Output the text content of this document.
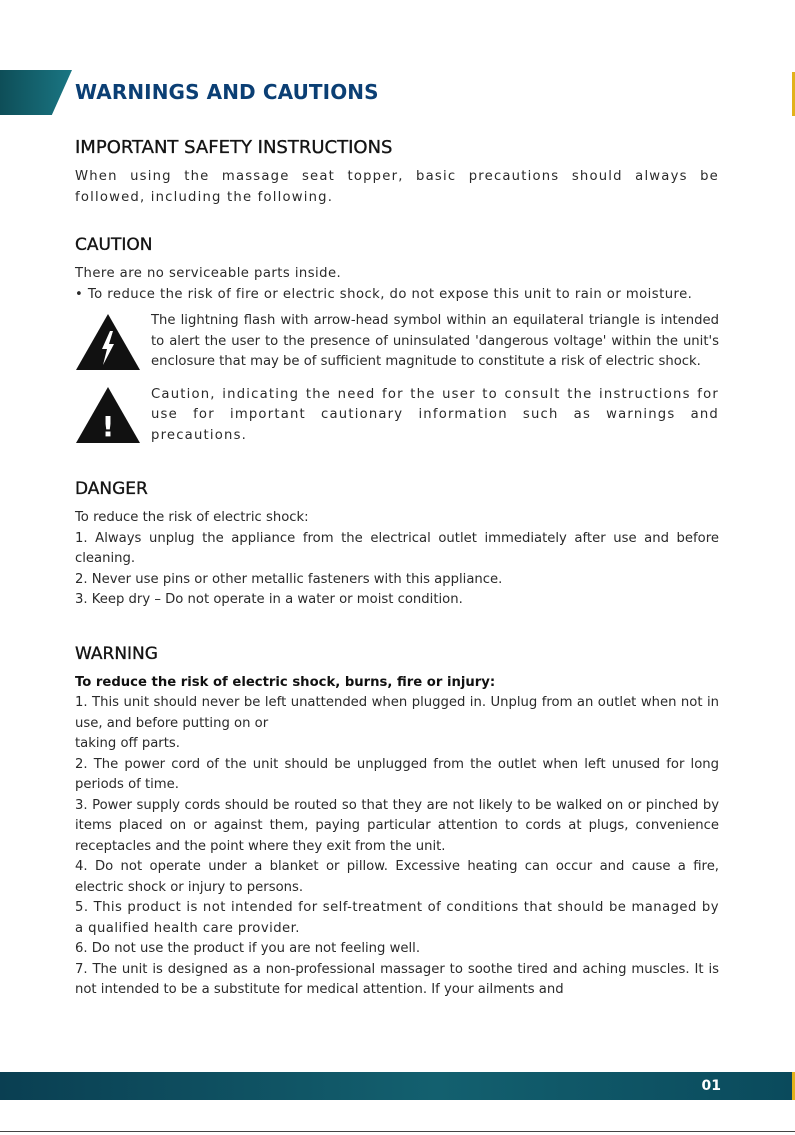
WARNINGS AND CAUTIONS
IMPORTANT SAFETY INSTRUCTIONS

When using the massage seat topper, basic precautions should always be followed, including the following.

CAUTION

There are no serviceable parts inside.

• To reduce the risk of fire or electric shock, do not expose this unit to rain or moisture.

The lightning flash with arrow-head symbol within an equilateral triangle is intended to alert the user to the presence of uninsulated 'dangerous voltage' within the unit's enclosure that may be of sufficient magnitude to constitute a risk of electric shock.

!

Caution, indicating the need for the user to consult the instructions for use for important cautionary information such as warnings and precautions.

DANGER

To reduce the risk of electric shock:

1. Always unplug the appliance from the electrical outlet immediately after use and before cleaning.

2. Never use pins or other metallic fasteners with this appliance.

3. Keep dry – Do not operate in a water or moist condition.

WARNING

To reduce the risk of electric shock, burns, fire or injury:

1. This unit should never be left unattended when plugged in. Unplug from an outlet when not in use, and before putting on or

taking off parts.

2. The power cord of the unit should be unplugged from the outlet when left unused for long periods of time.

3. Power supply cords should be routed so that they are not likely to be walked on or pinched by items placed on or against them, paying particular attention to cords at plugs, convenience receptacles and the point where they exit from the unit.

4. Do not operate under a blanket or pillow. Excessive heating can occur and cause a fire, electric shock or injury to persons.

5. This product is not intended for self-treatment of conditions that should be managed by a qualified health care provider.

6. Do not use the product if you are not feeling well.

7. The unit is designed as a non-professional massager to soothe tired and aching muscles. It is not intended to be a substitute for medical attention. If your ailments and

01
